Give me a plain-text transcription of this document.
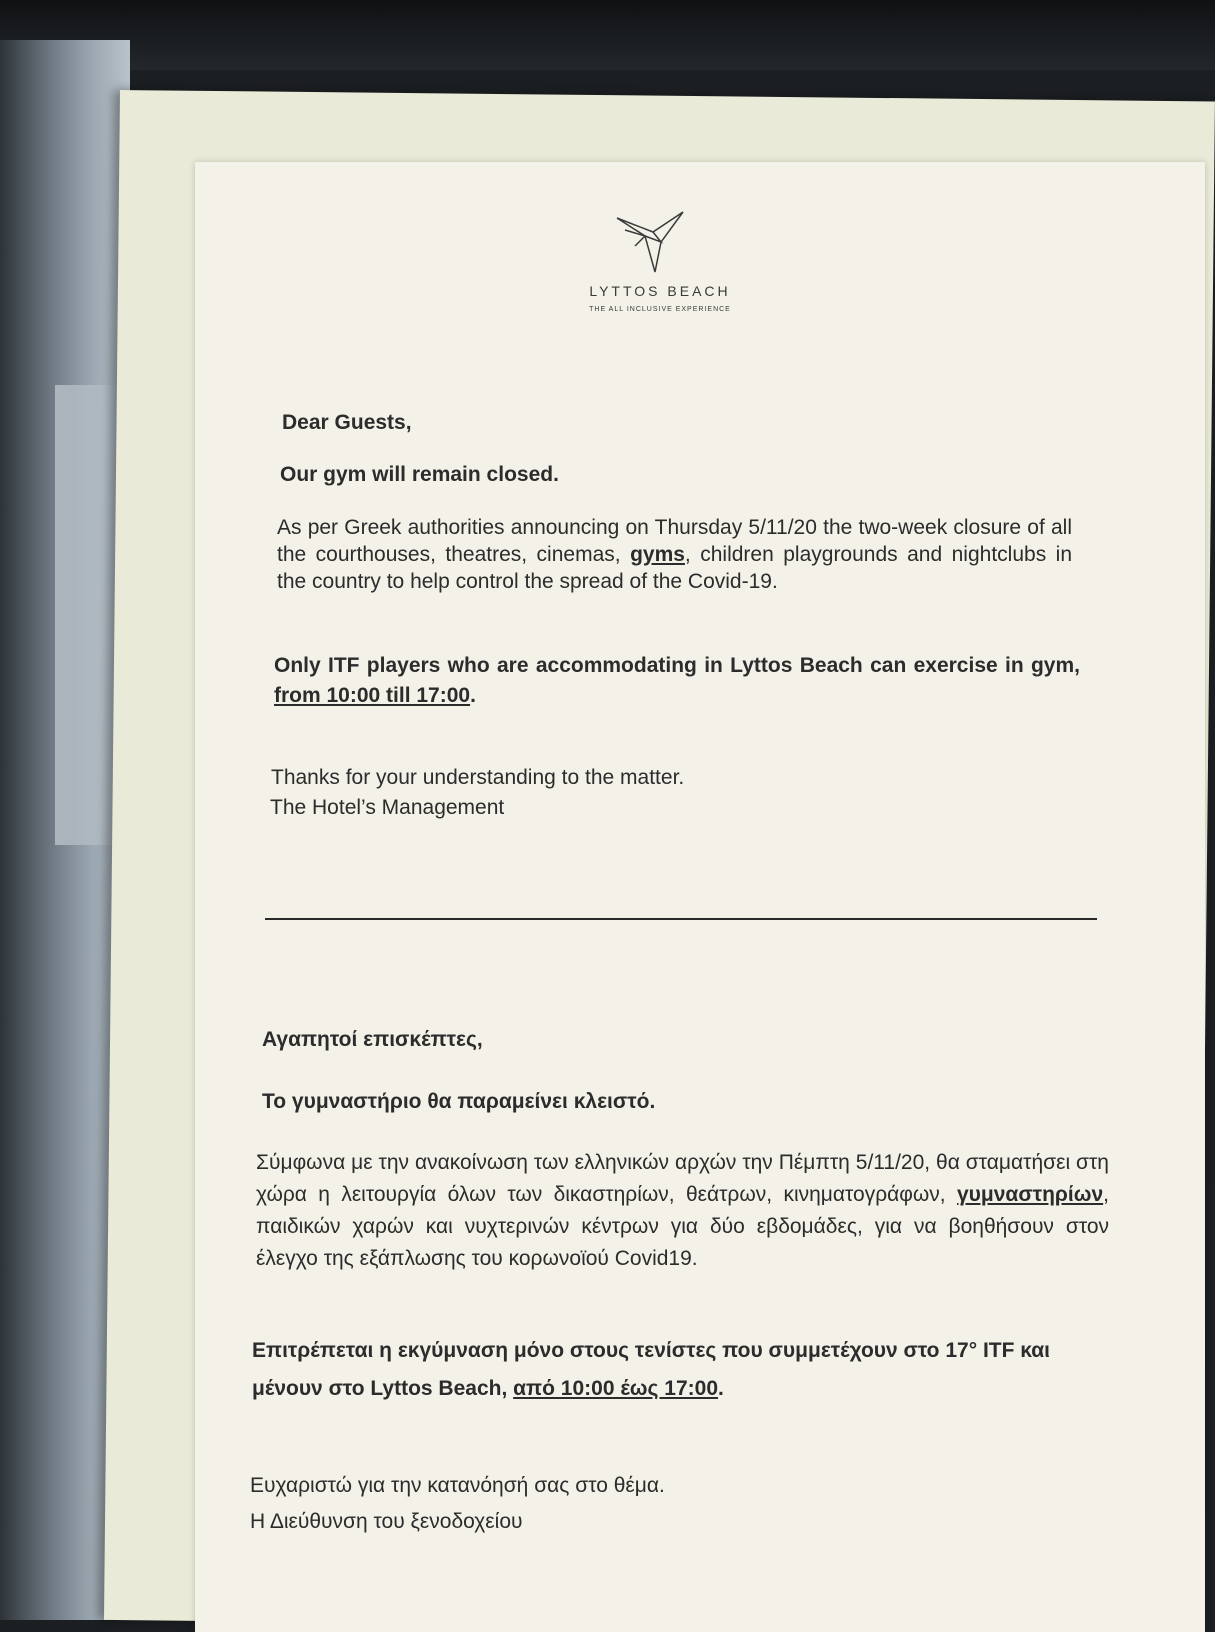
LYTTOS BEACH
THE ALL INCLUSIVE EXPERIENCE
Dear Guests,
Our gym will remain closed.
As per Greek authorities announcing on Thursday 5/11/20 the two-week closure of all the courthouses, theatres, cinemas, gyms, children playgrounds and nightclubs in the country to help control the spread of the Covid-19.
Only ITF players who are accommodating in Lyttos Beach can exercise in gym, from 10:00 till 17:00.
Thanks for your understanding to the matter.
The Hotel’s Management
Αγαπητοί επισκέπτες,
Το γυμναστήριο θα παραμείνει κλειστό.
Σύμφωνα με την ανακοίνωση των ελληνικών αρχών την Πέμπτη 5/11/20, θα σταματήσει στη χώρα η λειτουργία όλων των δικαστηρίων, θεάτρων, κινηματογράφων, γυμναστηρίων, παιδικών χαρών και νυχτερινών κέντρων για δύο εβδομάδες, για να βοηθήσουν στον έλεγχο της εξάπλωσης του κορωνοϊού Covid19.
Επιτρέπεται η εκγύμναση μόνο στους τενίστες που συμμετέχουν στο 17° ITF και μένουν στο Lyttos Beach, από 10:00 έως 17:00.
Ευχαριστώ για την κατανόησή σας στο θέμα.
Η Διεύθυνση του ξενοδοχείου
